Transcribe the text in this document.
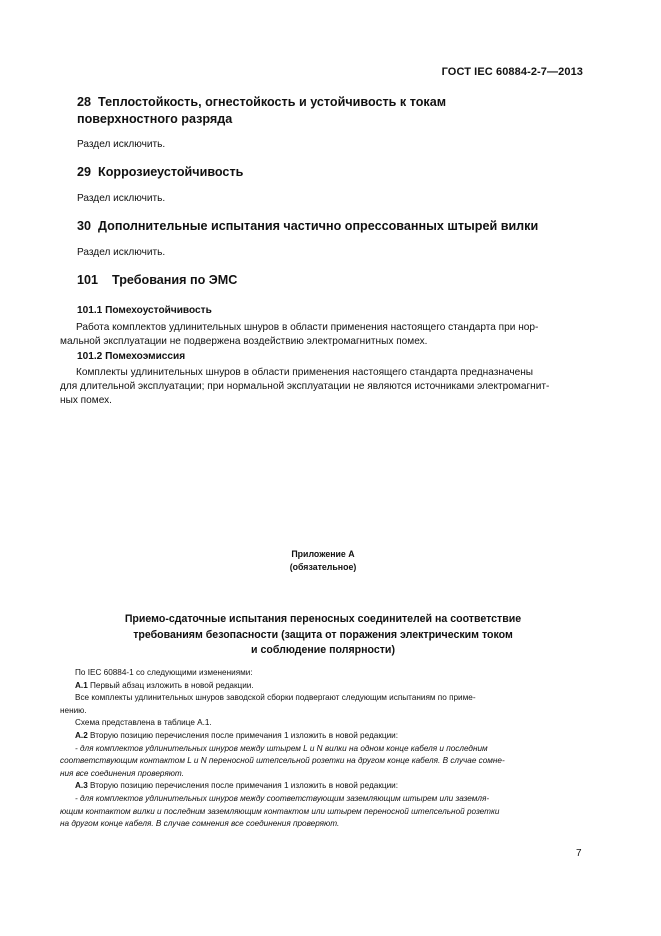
ГОСТ IEC 60884-2-7—2013
28 Теплостойкость, огнестойкость и устойчивость к токам
поверхностного разряда
Раздел исключить.
29 Коррозиеустойчивость
Раздел исключить.
30 Дополнительные испытания частично опрессованных штырей вилки
Раздел исключить.
101 Требования по ЭМС
101.1 Помехоустойчивость
Работа комплектов удлинительных шнуров в области применения настоящего стандарта при нор-
мальной эксплуатации не подвержена воздействию электромагнитных помех.
101.2 Помехоэмиссия
Комплекты удлинительных шнуров в области применения настоящего стандарта предназначены
для длительной эксплуатации; при нормальной эксплуатации не являются источниками электромагнит-
ных помех.
Приложение А
(обязательное)
Приемо-сдаточные испытания переносных соединителей на соответствие
требованиям безопасности (защита от поражения электрическим током
и соблюдение полярности)
По IEC 60884-1 со следующими изменениями:
А.1 Первый абзац изложить в новой редакции.
Все комплекты удлинительных шнуров заводской сборки подвергают следующим испытаниям по приме-
нению.
Схема представлена в таблице А.1.
А.2 Вторую позицию перечисления после примечания 1 изложить в новой редакции:
- для комплектов удлинительных шнуров между штырем L и N вилки на одном конце кабеля и последним
соответствующим контактом L и N переносной штепсельной розетки на другом конце кабеля. В случае сомне-
ния все соединения проверяют.
А.3 Вторую позицию перечисления после примечания 1 изложить в новой редакции:
- для комплектов удлинительных шнуров между соответствующим заземляющим штырем или заземля-
ющим контактом вилки и последним заземляющим контактом или штырем переносной штепсельной розетки
на другом конце кабеля. В случае сомнения все соединения проверяют.
7
